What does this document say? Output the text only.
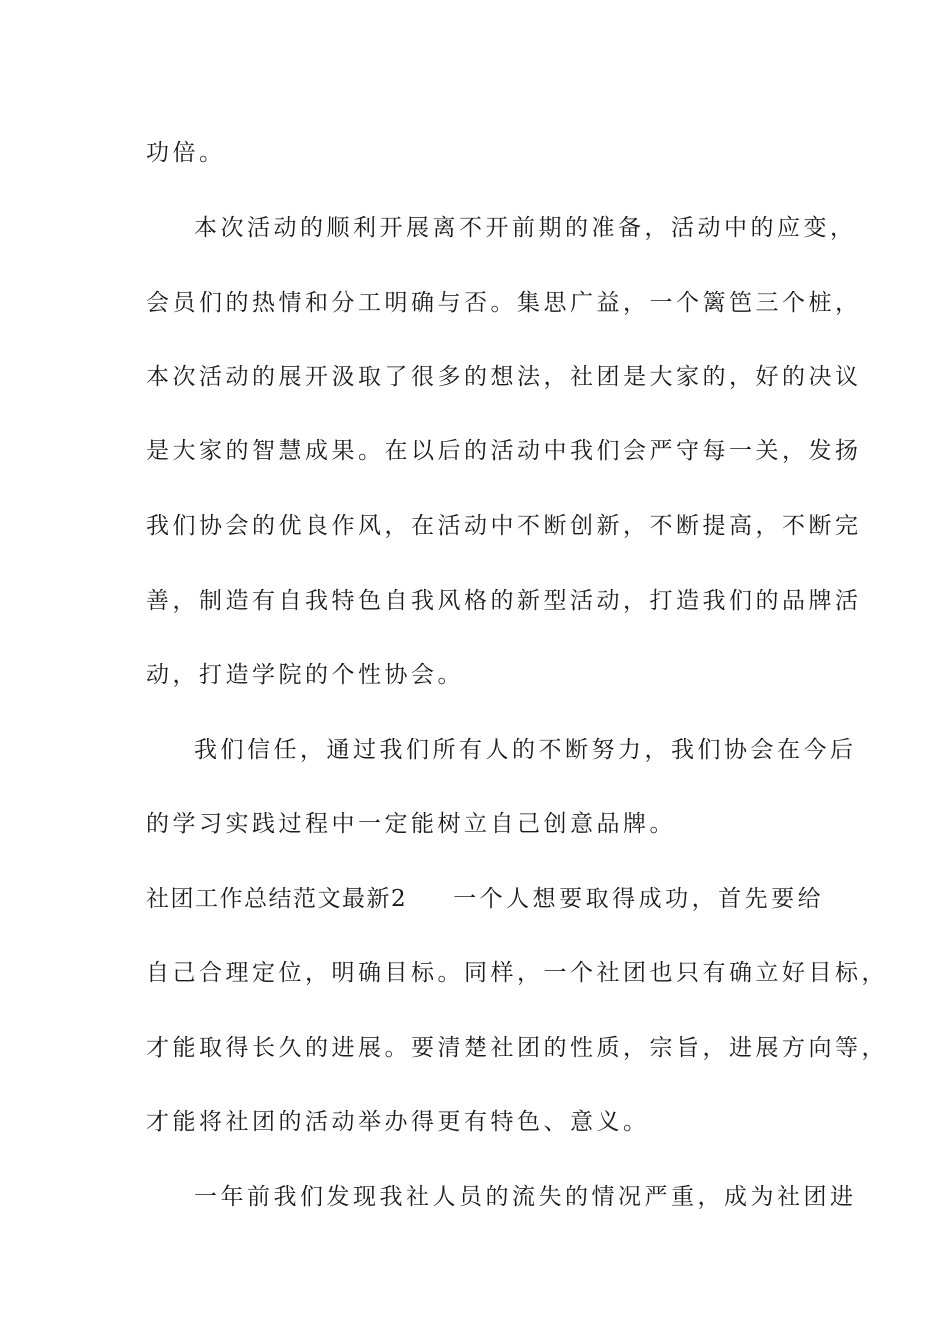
功倍。
本次活动的顺利开展离不开前期的准备，活动中的应变，
会员们的热情和分工明确与否。集思广益，一个篱笆三个桩，
本次活动的展开汲取了很多的想法，社团是大家的，好的决议
是大家的智慧成果。在以后的活动中我们会严守每一关，发扬
我们协会的优良作风，在活动中不断创新，不断提高，不断完
善，制造有自我特色自我风格的新型活动，打造我们的品牌活
动，打造学院的个性协会。
我们信任，通过我们所有人的不断努力，我们协会在今后
的学习实践过程中一定能树立自己创意品牌。
社团工作总结范文最新2 一个人想要取得成功，首先要给
自己合理定位，明确目标。同样，一个社团也只有确立好目标，
才能取得长久的进展。要清楚社团的性质，宗旨，进展方向等，
才能将社团的活动举办得更有特色、意义。
一年前我们发现我社人员的流失的情况严重，成为社团进
